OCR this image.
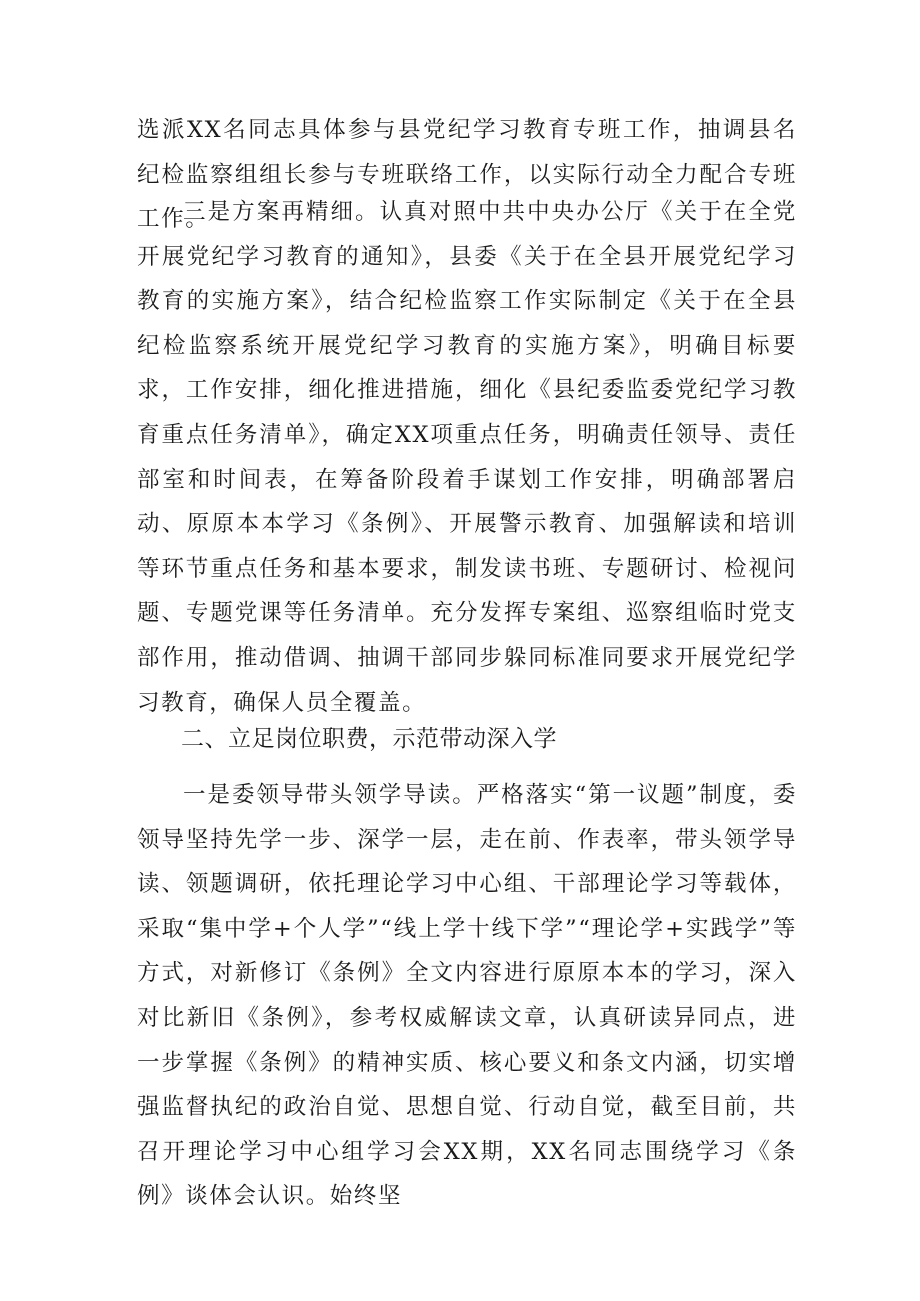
选派XX名同志具体参与县党纪学习教育专班工作，抽调县名纪检监察组组长参与专班联络工作，以实际行动全力配合专班工作。

三是方案再精细。认真对照中共中央办公厅《关于在全党开展党纪学习教育的通知》，县委《关于在全县开展党纪学习教育的实施方案》，结合纪检监察工作实际制定《关于在全县纪检监察系统开展党纪学习教育的实施方案》，明确目标要求，工作安排，细化推进措施，细化《县纪委监委党纪学习教育重点任务清单》，确定XX项重点任务，明确责任领导、责任部室和时间表，在筹备阶段着手谋划工作安排，明确部署启动、原原本本学习《条例》、开展警示教育、加强解读和培训等环节重点任务和基本要求，制发读书班、专题研讨、检视问题、专题党课等任务清单。充分发挥专案组、巡察组临时党支部作用，推动借调、抽调干部同步躲同标准同要求开展党纪学习教育，确保人员全覆盖。

二、立足岗位职费，示范带动深入学

一是委领导带头领学导读。严格落实“第一议题”制度，委领导坚持先学一步、深学一层，走在前、作表率，带头领学导读、领题调研，依托理论学习中心组、干部理论学习等载体，采取“集中学+个人学”“线上学十线下学”“理论学+实践学”等方式，对新修订《条例》全文内容进行原原本本的学习，深入对比新旧《条例》，参考权威解读文章，认真研读异同点，进一步掌握《条例》的精神实质、核心要义和条文内涵，切实增强监督执纪的政治自觉、思想自觉、行动自觉，截至目前，共召开理论学习中心组学习会XX期，XX名同志围绕学习《条例》谈体会认识。始终坚
